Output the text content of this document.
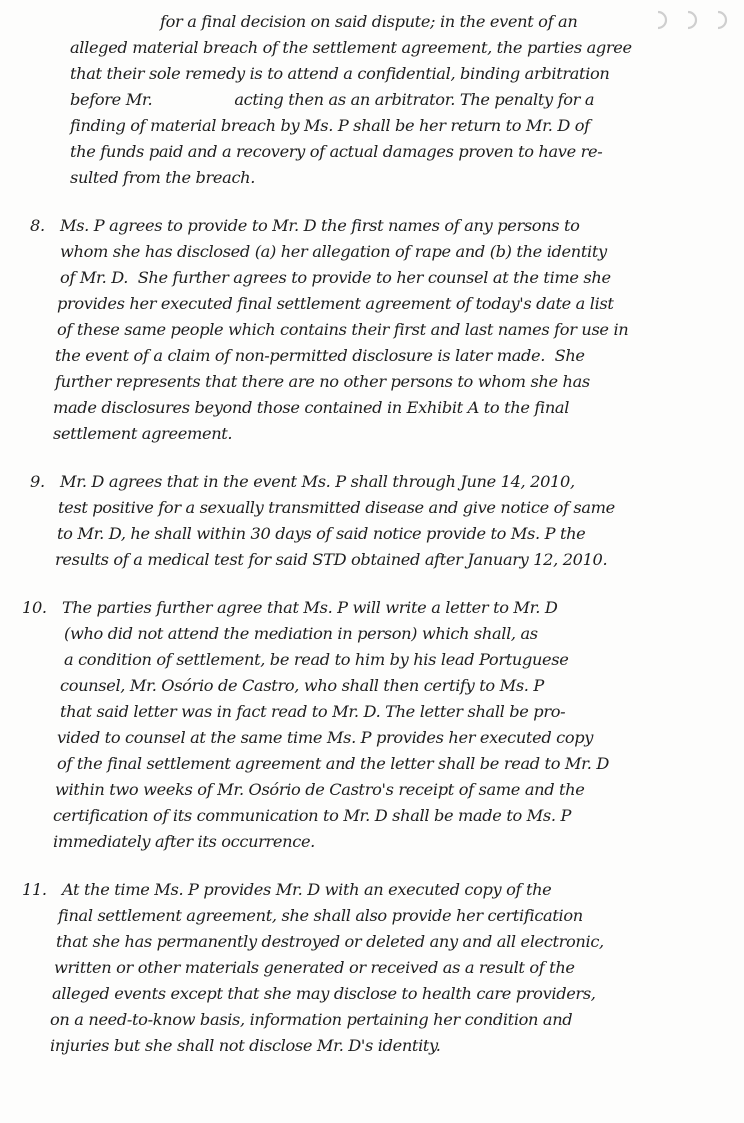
for a final decision on said dispute; in the event of an
alleged material breach of the settlement agreement, the parties agree
that their sole remedy is to attend a confidential, binding arbitration
before Mr.	acting then as an arbitrator. The penalty for a
finding of material breach by Ms. P shall be her return to Mr. D of
the funds paid and a recovery of actual damages proven to have re-
sulted from the breach.
8. Ms. P agrees to provide to Mr. D the first names of any persons to
whom she has disclosed (a) her allegation of rape and (b) the identity
of Mr. D.  She further agrees to provide to her counsel at the time she
provides her executed final settlement agreement of today's date a list
of these same people which contains their first and last names for use in
the event of a claim of non-permitted disclosure is later made.  She
further represents that there are no other persons to whom she has
made disclosures beyond those contained in Exhibit A to the final
settlement agreement.
9. Mr. D agrees that in the event Ms. P shall through June 14, 2010,
test positive for a sexually transmitted disease and give notice of same
to Mr. D, he shall within 30 days of said notice provide to Ms. P the
results of a medical test for said STD obtained after January 12, 2010.
10. The parties further agree that Ms. P will write a letter to Mr. D
(who did not attend the mediation in person) which shall, as
a condition of settlement, be read to him by his lead Portuguese
counsel, Mr. Osório de Castro, who shall then certify to Ms. P
that said letter was in fact read to Mr. D. The letter shall be pro-
vided to counsel at the same time Ms. P provides her executed copy
of the final settlement agreement and the letter shall be read to Mr. D
within two weeks of Mr. Osório de Castro's receipt of same and the
certification of its communication to Mr. D shall be made to Ms. P
immediately after its occurrence.
11. At the time Ms. P provides Mr. D with an executed copy of the
final settlement agreement, she shall also provide her certification
that she has permanently destroyed or deleted any and all electronic,
written or other materials generated or received as a result of the
alleged events except that she may disclose to health care providers,
on a need-to-know basis, information pertaining her condition and
injuries but she shall not disclose Mr. D's identity.
